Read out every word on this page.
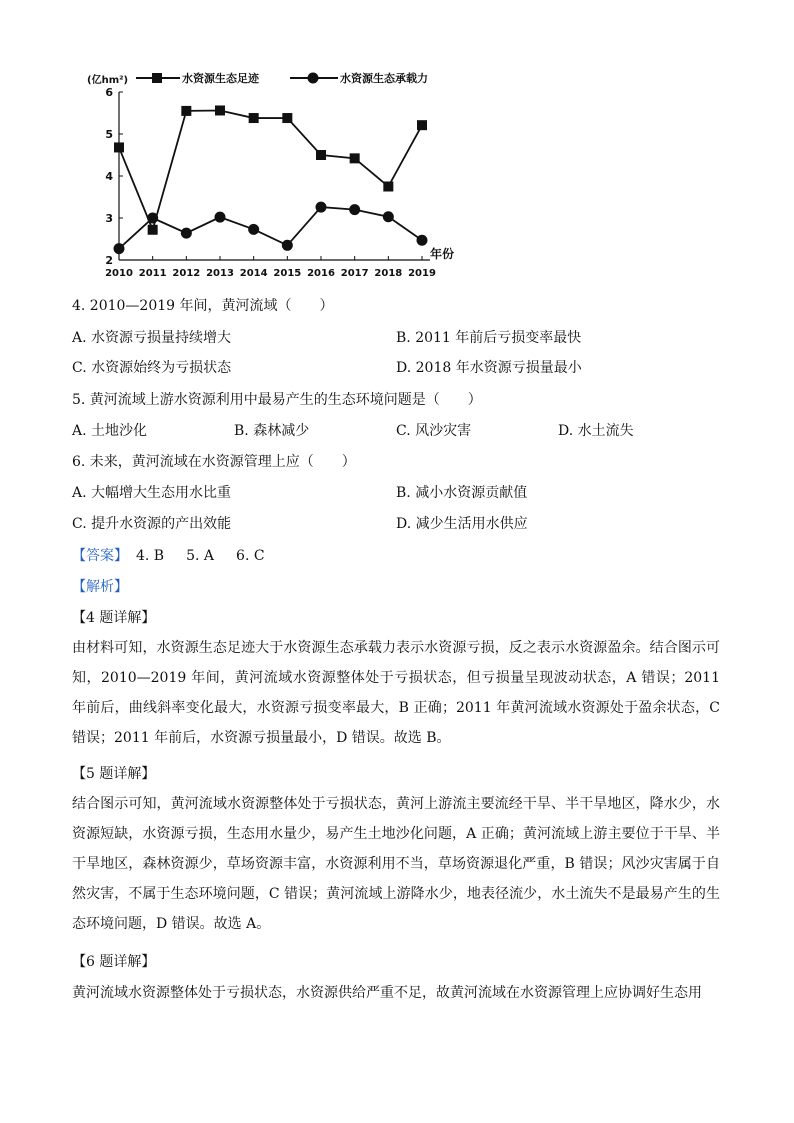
2
3
4
5
6
2010 2011 2012 2013 2014 2015 2016 2017 2018 2019
(亿hm²)
年份
水资源生态足迹	水资源生态承载力
4. 2010—2019 年间，黄河流域（　　）
A. 水资源亏损量持续增大	B. 2011 年前后亏损变率最快
C. 水资源始终为亏损状态	D. 2018 年水资源亏损量最小
5. 黄河流域上游水资源利用中最易产生的生态环境问题是（　　）
A. 土地沙化	B. 森林减少	C. 风沙灾害	D. 水土流失
6. 未来，黄河流域在水资源管理上应（　　）
A. 大幅增大生态用水比重	B. 减小水资源贡献值
C. 提升水资源的产出效能	D. 减少生活用水供应
【答案】 4. B 5. A 6. C
【解析】
【4 题详解】
由材料可知，水资源生态足迹大于水资源生态承载力表示水资源亏损，反之表示水资源盈余。结合图示可知，2010—2019 年间，黄河流域水资源整体处于亏损状态，但亏损量呈现波动状态，A 错误；2011 年前后，曲线斜率变化最大，水资源亏损变率最大，B 正确；2011 年黄河流域水资源处于盈余状态，C 错误；2011 年前后，水资源亏损量最小，D 错误。故选 B。
【5 题详解】
结合图示可知，黄河流域水资源整体处于亏损状态，黄河上游流主要流经干旱、半干旱地区，降水少，水资源短缺，水资源亏损，生态用水量少，易产生土地沙化问题，A 正确；黄河流域上游主要位于干旱、半干旱地区，森林资源少，草场资源丰富，水资源利用不当，草场资源退化严重，B 错误；风沙灾害属于自然灾害，不属于生态环境问题，C 错误；黄河流域上游降水少，地表径流少，水土流失不是最易产生的生态环境问题，D 错误。故选 A。
【6 题详解】
黄河流域水资源整体处于亏损状态，水资源供给严重不足，故黄河流域在水资源管理上应协调好生态用
